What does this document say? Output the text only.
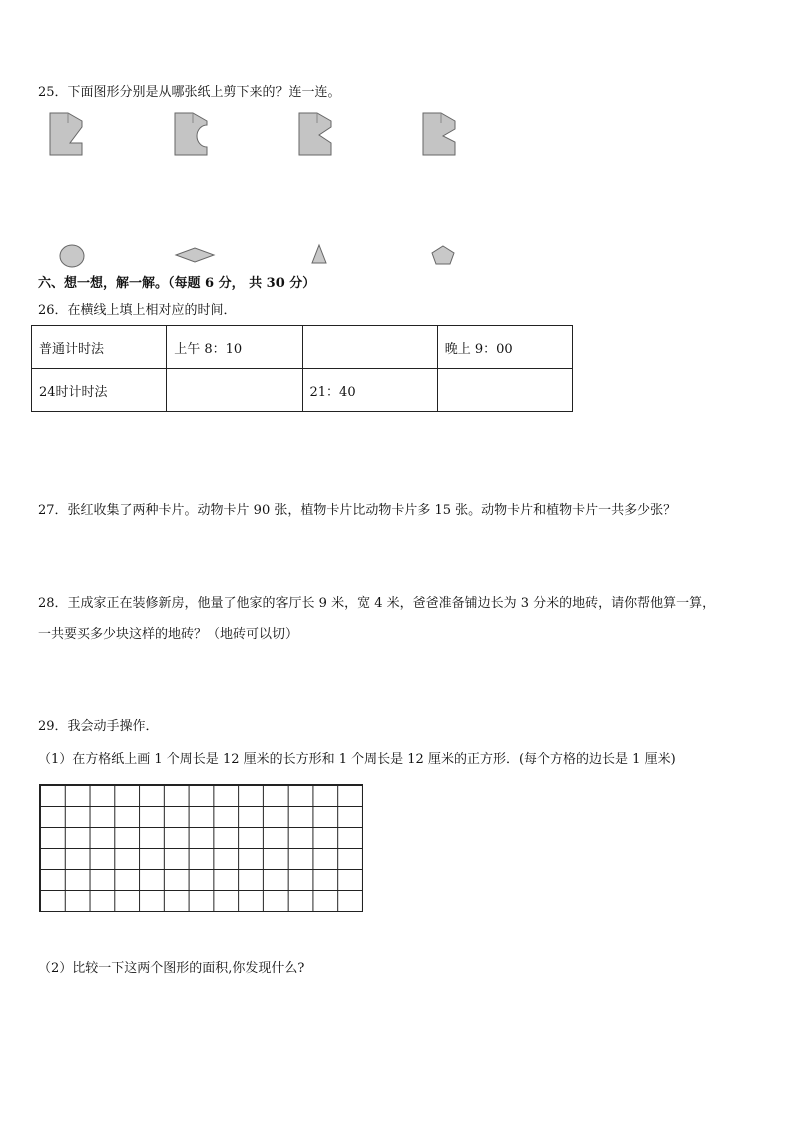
25．下面图形分别是从哪张纸上剪下来的？连一连。
六、想一想，解一解。（每题 6 分， 共 30 分）
26．在横线上填上相对应的时间．
普通计时法	上午 8：10		晚上 9：00
24时计时法		21：40	
27．张红收集了两种卡片。动物卡片 90 张，植物卡片比动物卡片多 15 张。动物卡片和植物卡片一共多少张？
28．王成家正在装修新房，他量了他家的客厅长 9 米，宽 4 米，爸爸准备铺边长为 3 分米的地砖，请你帮他算一算，
一共要买多少块这样的地砖？（地砖可以切）
29．我会动手操作．
（1）在方格纸上画 1 个周长是 12 厘米的长方形和 1 个周长是 12 厘米的正方形．(每个方格的边长是 1 厘米)
（2）比较一下这两个图形的面积,你发现什么?
